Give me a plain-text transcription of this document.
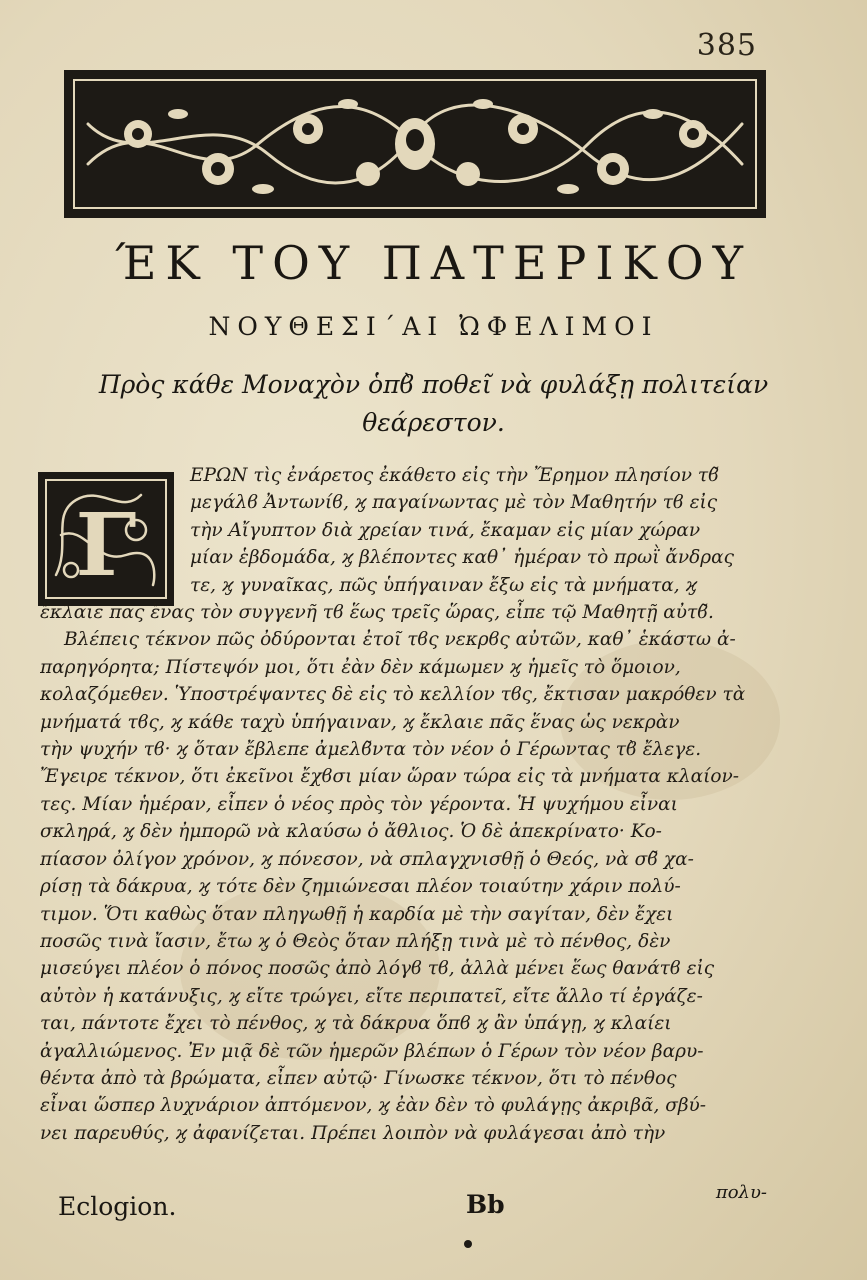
385
ΈΚ ΤΟΥ ΠΑΤΕΡΙΚΟΥ
ΝΟΥΘΕΣΙ΄ΑΙ ὨΦΕΛΙΜΟΙ
Πρὸς κάθε Μοναχὸν ὁπϐ̀ ποθεῖ νὰ φυλάξῃ πολιτείαν θεάρεστον.
Γ
ΕΡΩΝ τὶς ἐνάρετος ἐκάθετο εἰς τὴν Ἔρημον πλησίον τϐ̃
μεγάλϐ Ἀντωνίϐ, ϗ παγαίνωντας μὲ τὸν Μαθητήν τϐ εἰς
τὴν Αἴγυπτον διὰ χρείαν τινά, ἔκαμαν εἰς μίαν χώραν
μίαν ἑβδομάδα, ϗ βλέποντες καθ᾽ ἡμέραν τὸ πρωῒ ἄνδρας
τε, ϗ γυναῖκας, πῶς ὑπήγαιναν ἔξω εἰς τὰ μνήματα, ϗ
ἔκλαιε πᾶς ἕνας τὸν συγγενῆ τϐ ἕως τρεῖς ὥρας, εἶπε τῷ Μαθητῇ αὐτϐ̃.
Βλέπεις τέκνον πῶς ὀδύρονται ἐτοῖ τϐς νεκρϐς αὐτῶν, καθ᾽ ἑκάστω ἀ-
παρηγόρητα; Πίστεψόν μοι, ὅτι ἐὰν δὲν κάμωμεν ϗ ἡμεῖς τὸ ὅμοιον,
κολαζόμεθεν. Ὑποστρέψαντες δὲ εἰς τὸ κελλίον τϐς, ἔκτισαν μακρόθεν τὰ
μνήματά τϐς, ϗ κάθε ταχὺ ὑπήγαιναν, ϗ ἔκλαιε πᾶς ἕνας ὡς νεκρὰν
τὴν ψυχήν τϐ· ϗ ὅταν ἔβλεπε ἀμελϐ̃ντα τὸν νέον ὁ Γέρωντας τϐ̀ ἔλεγε.
Ἔγειρε τέκνον, ὅτι ἐκεῖνοι ἔχϐσι μίαν ὥραν τώρα εἰς τὰ μνήματα κλαίον-
τες. Μίαν ἡμέραν, εἶπεν ὁ νέος πρὸς τὸν γέροντα. Ἡ ψυχήμου εἶναι
σκληρά, ϗ δὲν ἠμπορῶ νὰ κλαύσω ὁ ἄθλιος. Ὁ δὲ ἀπεκρίνατο· Κο-
πίασον ὀλίγον χρόνον, ϗ πόνεσον, νὰ σπλαγχνισθῇ ὁ Θεός, νὰ σϐ̃ χα-
ρίσῃ τὰ δάκρυα, ϗ τότε δὲν ζημιώνεσαι πλέον τοιαύτην χάριν πολύ-
τιμον. Ὅτι καθὼς ὅταν πληγωθῇ ἡ καρδία μὲ τὴν σαγίταν, δὲν ἔχει
ποσῶς τινὰ ἴασιν, ἔτω ϗ ὁ Θεὸς ὅταν πλήξῃ τινὰ μὲ τὸ πένθος, δὲν
μισεύγει πλέον ὁ πόνος ποσῶς ἀπὸ λόγϐ τϐ, ἀλλὰ μένει ἕως θανάτϐ εἰς
αὐτὸν ἡ κατάνυξις, ϗ εἴτε τρώγει, εἴτε περιπατεῖ, εἴτε ἄλλο τί ἐργάζε-
ται, πάντοτε ἔχει τὸ πένθος, ϗ τὰ δάκρυα ὅπϐ ϗ ἂν ὑπάγῃ, ϗ κλαίει
ἀγαλλιώμενος. Ἐν μιᾷ δὲ τῶν ἡμερῶν βλέπων ὁ Γέρων τὸν νέον βαρυ-
θέντα ἀπὸ τὰ βρώματα, εἶπεν αὐτῷ· Γίνωσκε τέκνον, ὅτι τὸ πένθος
εἶναι ὥσπερ λυχνάριον ἀπτόμενον, ϗ ἐὰν δὲν τὸ φυλάγῃς ἀκριβᾶ, σβύ-
νει παρευθύς, ϗ ἀφανίζεται. Πρέπει λοιπὸν νὰ φυλάγεσαι ἀπὸ τὴν
Eclogion.	Bb	πολυ-
